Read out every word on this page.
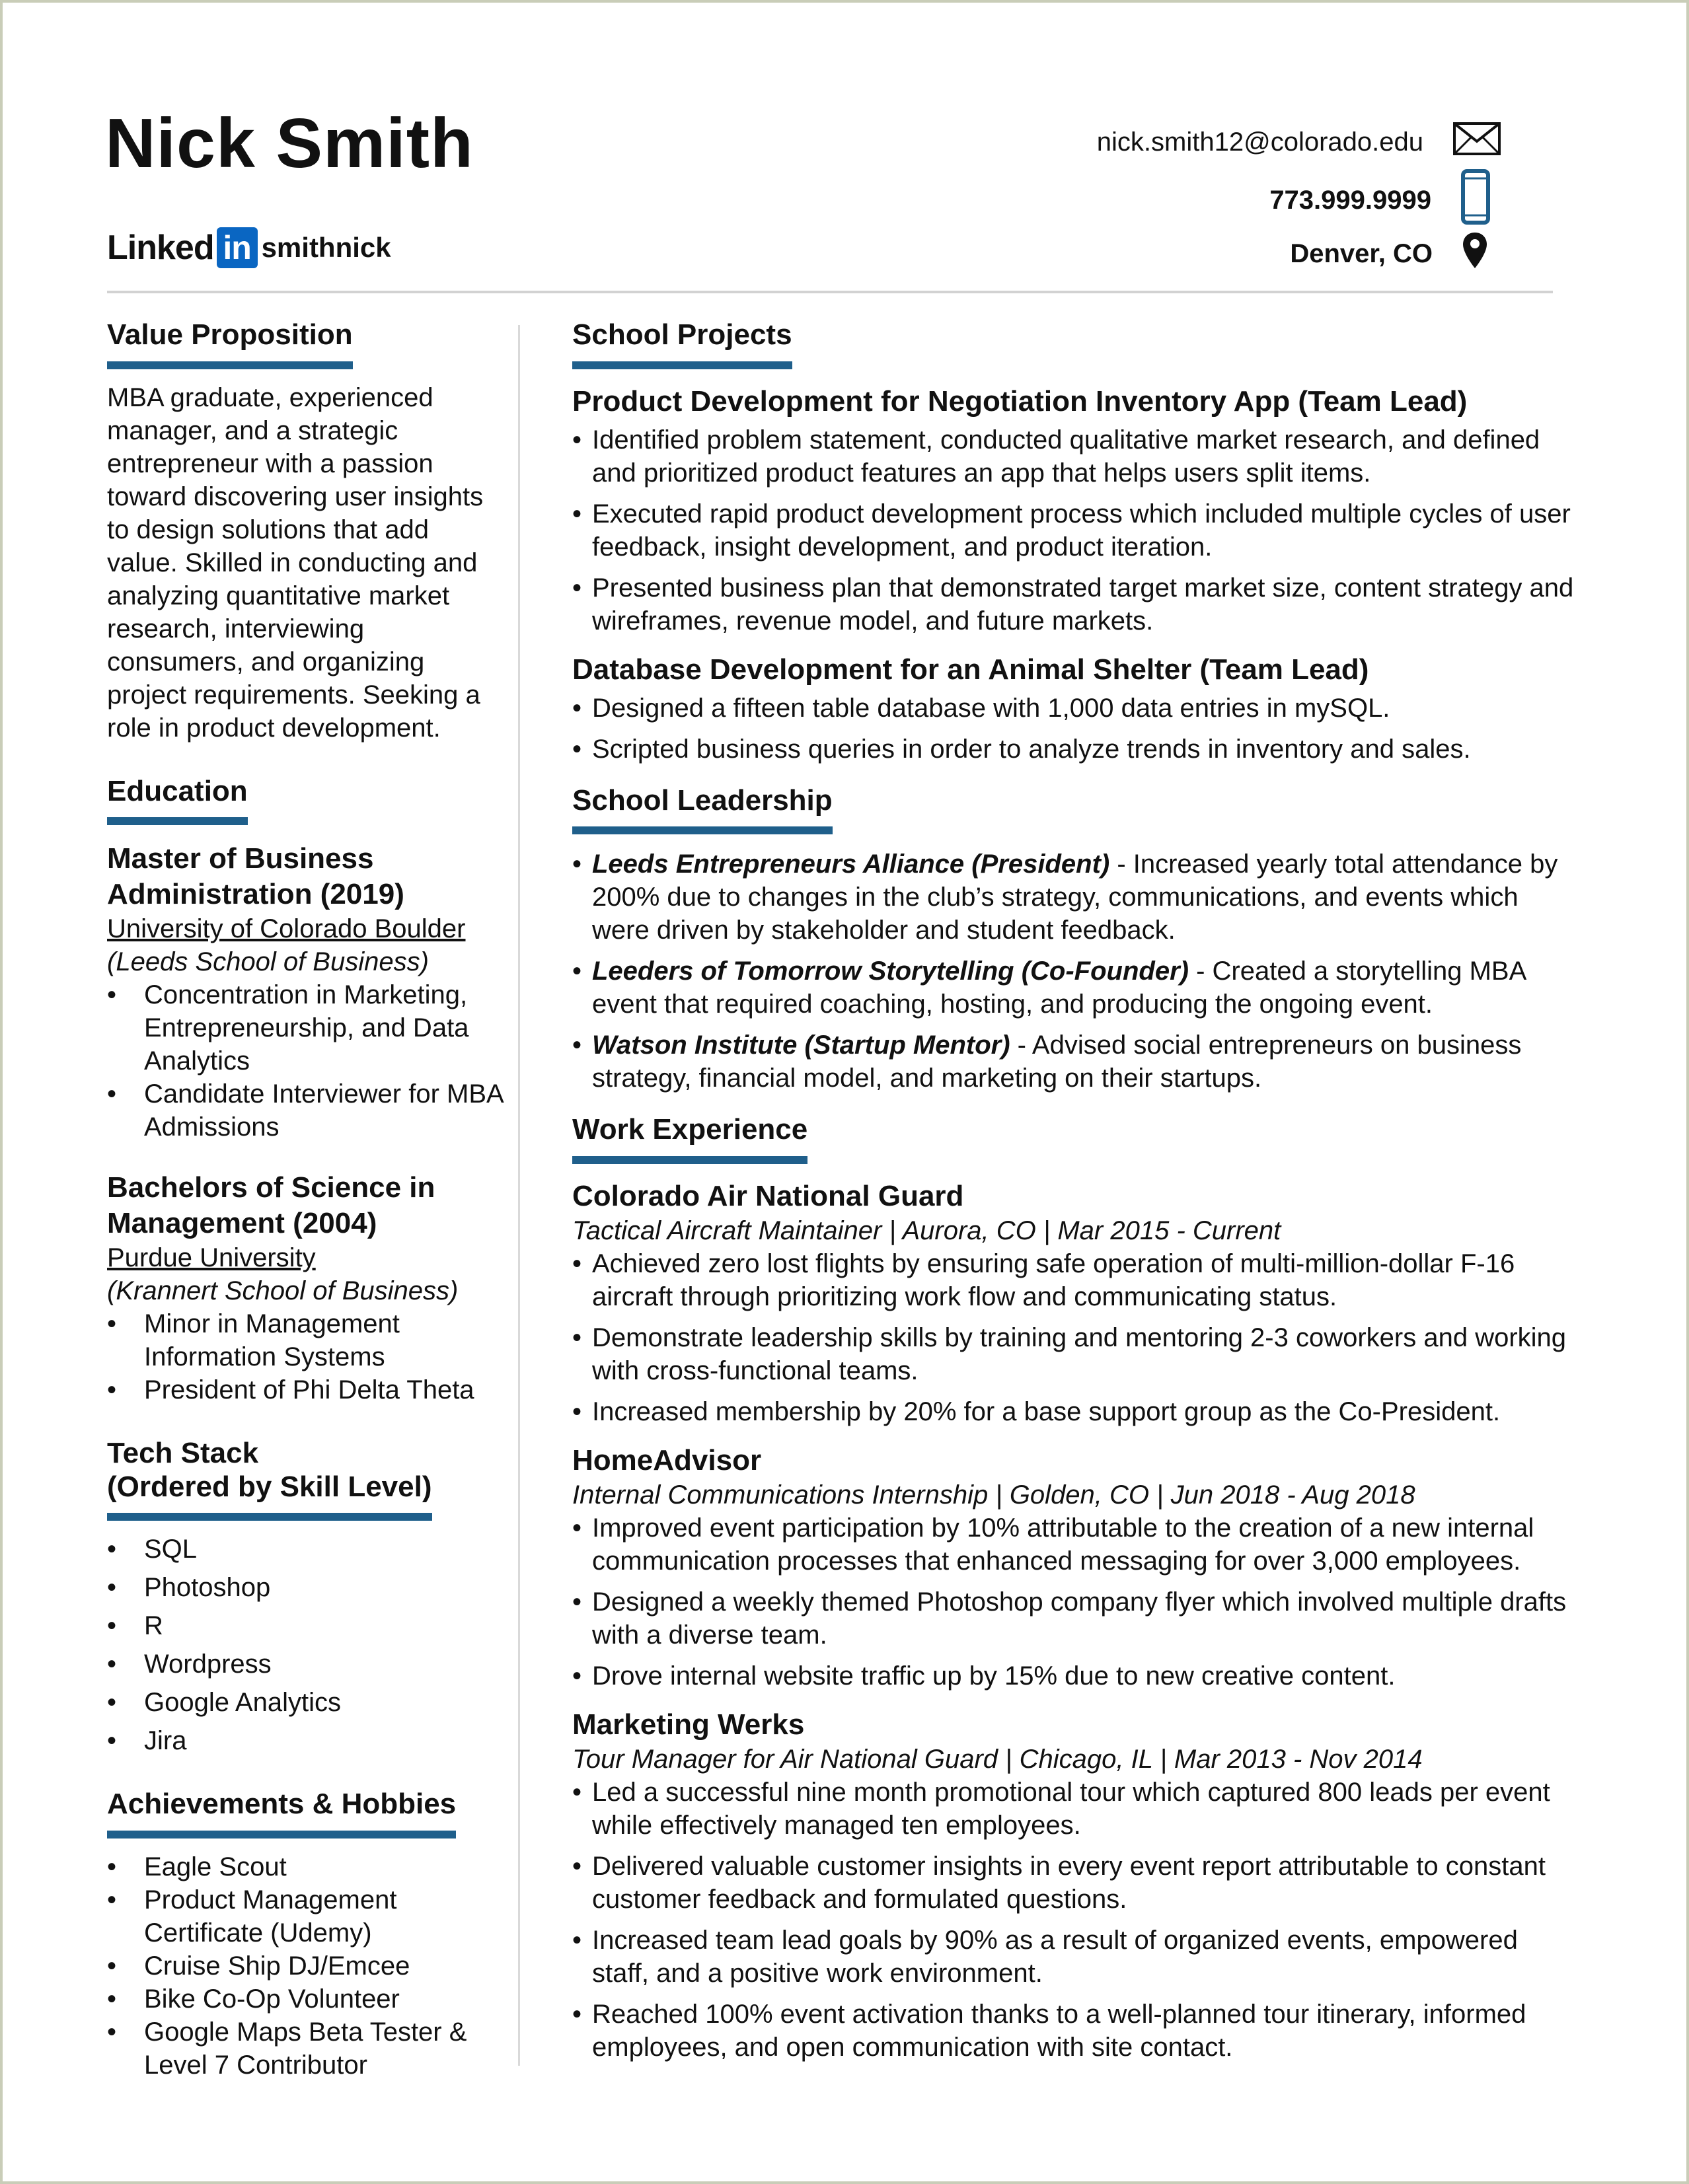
Nick Smith
Linked in smithnick
nick.smith12@colorado.edu
773.999.9999
Denver, CO
Value Proposition

MBA graduate, experienced manager, and a strategic entrepreneur with a passion toward discovering user insights to design solutions that add value. Skilled in conducting and analyzing quantitative market research, interviewing consumers, and organizing project requirements. Seeking a role in product development.

Education
Master of Business Administration (2019)
University of Colorado Boulder
(Leeds School of Business)
• Concentration in Marketing, Entrepreneurship, and Data Analytics
• Candidate Interviewer for MBA Admissions
Bachelors of Science in Management (2004)
Purdue University
(Krannert School of Business)
• Minor in Management Information Systems
• President of Phi Delta Theta
Tech Stack
(Ordered by Skill Level)
• SQL
• Photoshop
• R
• Wordpress
• Google Analytics
• Jira
Achievements & Hobbies
• Eagle Scout
• Product Management Certificate (Udemy)
• Cruise Ship DJ/Emcee
• Bike Co-Op Volunteer
• Google Maps Beta Tester & Level 7 Contributor
School Projects
Product Development for Negotiation Inventory App (Team Lead)
• Identified problem statement, conducted qualitative market research, and defined and prioritized product features an app that helps users split items.
• Executed rapid product development process which included multiple cycles of user feedback, insight development, and product iteration.
• Presented business plan that demonstrated target market size, content strategy and wireframes, revenue model, and future markets.
Database Development for an Animal Shelter (Team Lead)
• Designed a fifteen table database with 1,000 data entries in mySQL.
• Scripted business queries in order to analyze trends in inventory and sales.
School Leadership
• Leeds Entrepreneurs Alliance (President) - Increased yearly total attendance by 200% due to changes in the club’s strategy, communications, and events which were driven by stakeholder and student feedback.
• Leeders of Tomorrow Storytelling (Co-Founder) - Created a storytelling MBA event that required coaching, hosting, and producing the ongoing event.
• Watson Institute (Startup Mentor) - Advised social entrepreneurs on business strategy, financial model, and marketing on their startups.
Work Experience
Colorado Air National Guard
Tactical Aircraft Maintainer | Aurora, CO | Mar 2015 - Current
• Achieved zero lost flights by ensuring safe operation of multi-million-dollar F-16 aircraft through prioritizing work flow and communicating status.
• Demonstrate leadership skills by training and mentoring 2-3 coworkers and working with cross-functional teams.
• Increased membership by 20% for a base support group as the Co-President.
HomeAdvisor
Internal Communications Internship | Golden, CO | Jun 2018 - Aug 2018
• Improved event participation by 10% attributable to the creation of a new internal communication processes that enhanced messaging for over 3,000 employees.
• Designed a weekly themed Photoshop company flyer which involved multiple drafts with a diverse team.
• Drove internal website traffic up by 15% due to new creative content.
Marketing Werks
Tour Manager for Air National Guard | Chicago, IL | Mar 2013 - Nov 2014
• Led a successful nine month promotional tour which captured 800 leads per event while effectively managed ten employees.
• Delivered valuable customer insights in every event report attributable to constant customer feedback and formulated questions.
• Increased team lead goals by 90% as a result of organized events, empowered staff, and a positive work environment.
• Reached 100% event activation thanks to a well-planned tour itinerary, informed employees, and open communication with site contact.
